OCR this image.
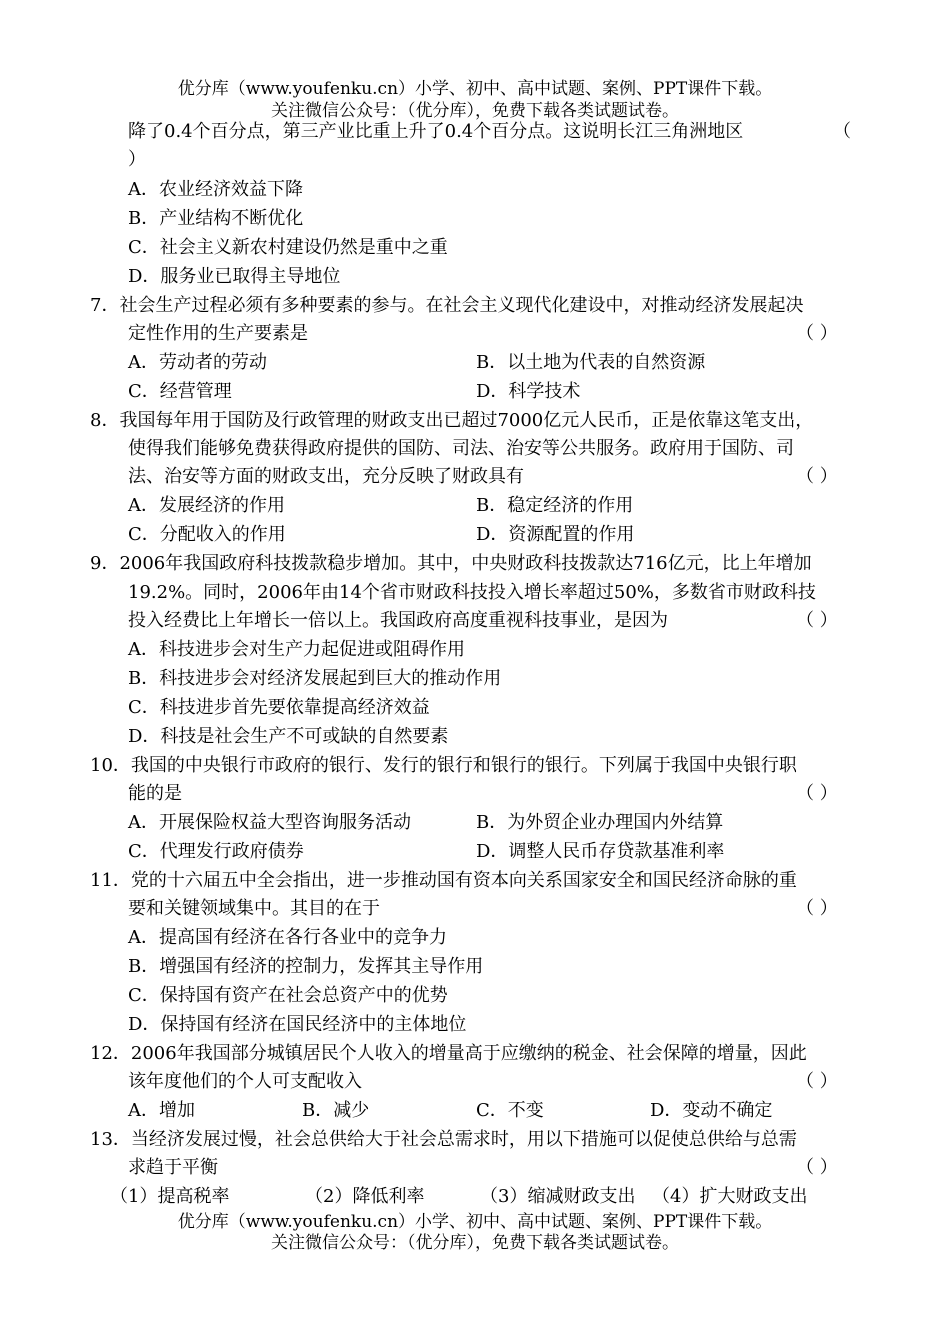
优分库（www.youfenku.cn）小学、初中、高中试题、案例、PPT课件下载。
关注微信公众号：（优分库），免费下载各类试题试卷。
降了0.4个百分点，第三产业比重上升了0.4个百分点。这说明长江三角洲地区	（
）
A．农业经济效益下降
B．产业结构不断优化
C．社会主义新农村建设仍然是重中之重
D．服务业已取得主导地位
7．社会生产过程必须有多种要素的参与。在社会主义现代化建设中，对推动经济发展起决
定性作用的生产要素是	（ ）
A．劳动者的劳动	B．以土地为代表的自然资源
C．经营管理	D．科学技术
8．我国每年用于国防及行政管理的财政支出已超过7000亿元人民币，正是依靠这笔支出，
使得我们能够免费获得政府提供的国防、司法、治安等公共服务。政府用于国防、司
法、治安等方面的财政支出，充分反映了财政具有	（ ）
A．发展经济的作用	B．稳定经济的作用
C．分配收入的作用	D．资源配置的作用
9．2006年我国政府科技拨款稳步增加。其中，中央财政科技拨款达716亿元，比上年增加
19.2%。同时，2006年由14个省市财政科技投入增长率超过50%，多数省市财政科技
投入经费比上年增长一倍以上。我国政府高度重视科技事业，是因为	（ ）
A．科技进步会对生产力起促进或阻碍作用
B．科技进步会对经济发展起到巨大的推动作用
C．科技进步首先要依靠提高经济效益
D．科技是社会生产不可或缺的自然要素
10．我国的中央银行市政府的银行、发行的银行和银行的银行。下列属于我国中央银行职
能的是	（ ）
A．开展保险权益大型咨询服务活动	B．为外贸企业办理国内外结算
C．代理发行政府债券	D．调整人民币存贷款基准利率
11．党的十六届五中全会指出，进一步推动国有资本向关系国家安全和国民经济命脉的重
要和关键领域集中。其目的在于	（ ）
A．提高国有经济在各行各业中的竞争力
B．增强国有经济的控制力，发挥其主导作用
C．保持国有资产在社会总资产中的优势
D．保持国有经济在国民经济中的主体地位
12．2006年我国部分城镇居民个人收入的增量高于应缴纳的税金、社会保障的增量，因此
该年度他们的个人可支配收入	（ ）
A．增加	B．减少	C．不变	D．变动不确定
13．当经济发展过慢，社会总供给大于社会总需求时，用以下措施可以促使总供给与总需
求趋于平衡	（ ）
（1）提高税率	（2）降低利率	（3）缩减财政支出 （4）扩大财政支出
优分库（www.youfenku.cn）小学、初中、高中试题、案例、PPT课件下载。
关注微信公众号：（优分库），免费下载各类试题试卷。
